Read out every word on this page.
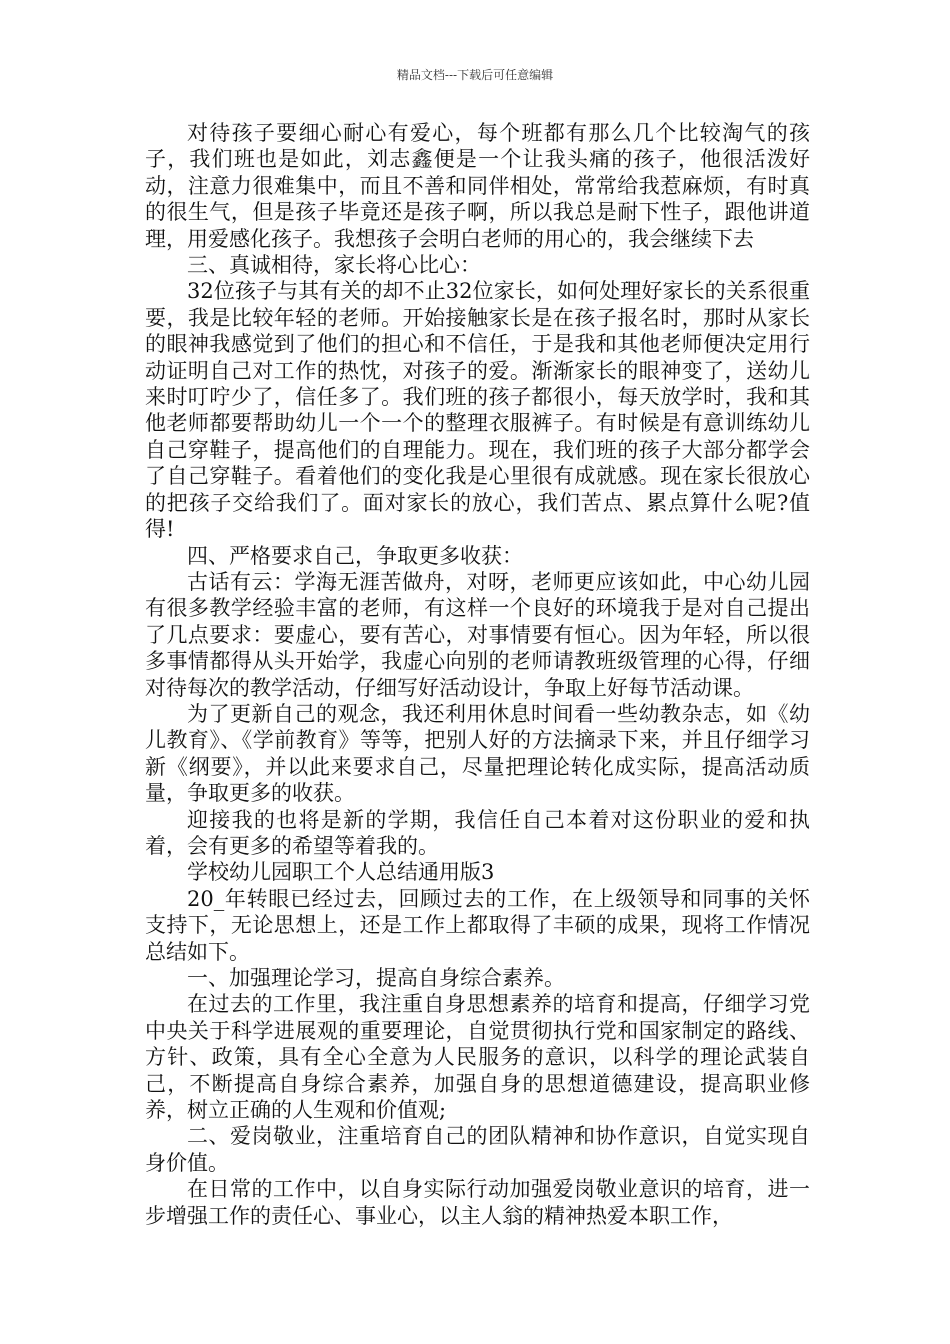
精品文档---下载后可任意编辑

对待孩子要细心耐心有爱心，每个班都有那么几个比较淘气的孩子，我们班也是如此，刘志鑫便是一个让我头痛的孩子，他很活泼好动，注意力很难集中，而且不善和同伴相处，常常给我惹麻烦，有时真的很生气，但是孩子毕竟还是孩子啊，所以我总是耐下性子，跟他讲道理，用爱感化孩子。我想孩子会明白老师的用心的，我会继续下去

三、真诚相待，家长将心比心：

32位孩子与其有关的却不止32位家长，如何处理好家长的关系很重要，我是比较年轻的老师。开始接触家长是在孩子报名时，那时从家长的眼神我感觉到了他们的担心和不信任，于是我和其他老师便决定用行动证明自己对工作的热忱，对孩子的爱。渐渐家长的眼神变了，送幼儿来时叮咛少了，信任多了。我们班的孩子都很小，每天放学时，我和其他老师都要帮助幼儿一个一个的整理衣服裤子。有时候是有意训练幼儿自己穿鞋子，提高他们的自理能力。现在，我们班的孩子大部分都学会了自己穿鞋子。看着他们的变化我是心里很有成就感。现在家长很放心的把孩子交给我们了。面对家长的放心，我们苦点、累点算什么呢?值得!

四、严格要求自己，争取更多收获：

古话有云：学海无涯苦做舟，对呀，老师更应该如此，中心幼儿园有很多教学经验丰富的老师，有这样一个良好的环境我于是对自己提出了几点要求：要虚心，要有苦心，对事情要有恒心。因为年轻，所以很多事情都得从头开始学，我虚心向别的老师请教班级管理的心得，仔细对待每次的教学活动，仔细写好活动设计，争取上好每节活动课。

为了更新自己的观念，我还利用休息时间看一些幼教杂志，如《幼儿教育》、《学前教育》等等，把别人好的方法摘录下来，并且仔细学习新《纲要》，并以此来要求自己，尽量把理论转化成实际，提高活动质量，争取更多的收获。

迎接我的也将是新的学期，我信任自己本着对这份职业的爱和执着，会有更多的希望等着我的。

学校幼儿园职工个人总结通用版3

20_年转眼已经过去，回顾过去的工作，在上级领导和同事的关怀支持下，无论思想上，还是工作上都取得了丰硕的成果，现将工作情况总结如下。

一、加强理论学习，提高自身综合素养。

在过去的工作里，我注重自身思想素养的培育和提高，仔细学习党中央关于科学进展观的重要理论，自觉贯彻执行党和国家制定的路线、方针、政策，具有全心全意为人民服务的意识，以科学的理论武装自己，不断提高自身综合素养，加强自身的思想道德建设，提高职业修养，树立正确的人生观和价值观;

二、爱岗敬业，注重培育自己的团队精神和协作意识，自觉实现自身价值。

在日常的工作中，以自身实际行动加强爱岗敬业意识的培育，进一步增强工作的责任心、事业心，以主人翁的精神热爱本职工作，
